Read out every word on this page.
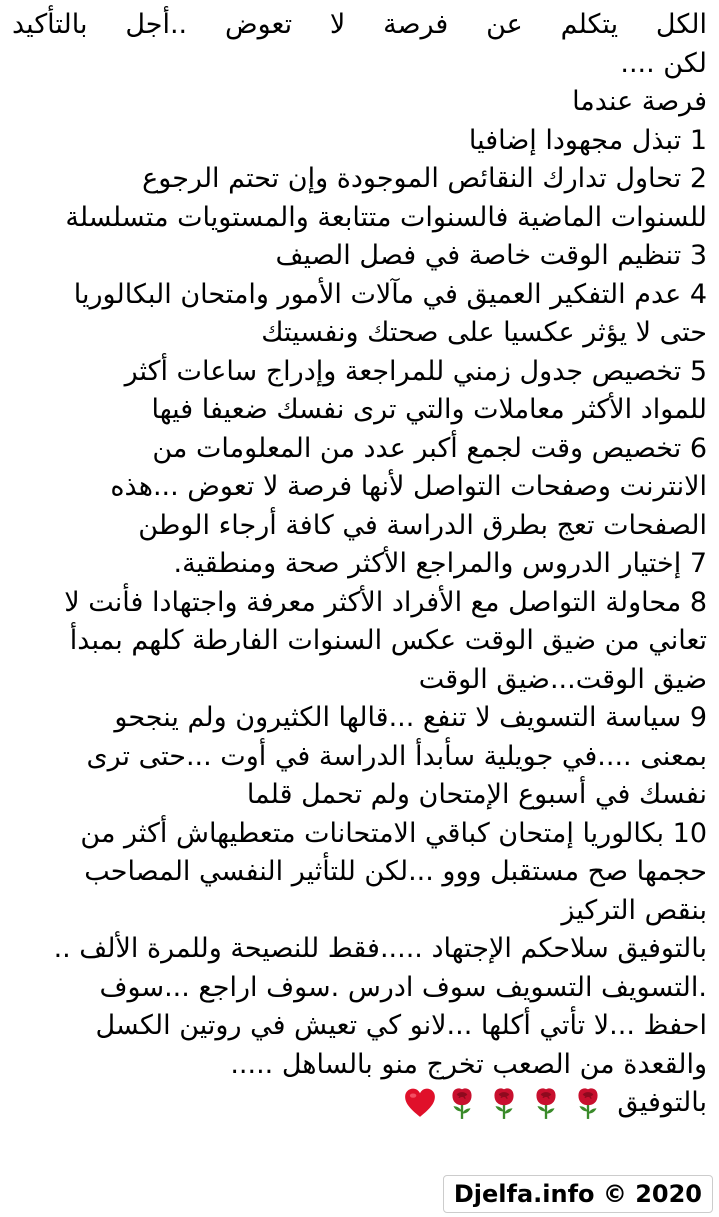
الكل يتكلم عن فرصة لا تعوض ..أجل بالتأكيد
لكن ....
فرصة عندما
1 تبذل مجهودا إضافيا
2 تحاول تدارك النقائص الموجودة وإن تحتم الرجوع
للسنوات الماضية فالسنوات متتابعة والمستويات متسلسلة
3 تنظيم الوقت خاصة في فصل الصيف
4 عدم التفكير العميق في مآلات الأمور وامتحان البكالوريا
حتى لا يؤثر عكسيا على صحتك ونفسيتك
5 تخصيص جدول زمني للمراجعة وإدراج ساعات أكثر
للمواد الأكثر معاملات والتي ترى نفسك ضعيفا فيها
6 تخصيص وقت لجمع أكبر عدد من المعلومات من
الانترنت وصفحات التواصل لأنها فرصة لا تعوض ...هذه
الصفحات تعج بطرق الدراسة في كافة أرجاء الوطن
7 إختيار الدروس والمراجع الأكثر صحة ومنطقية.
8 محاولة التواصل مع الأفراد الأكثر معرفة واجتهادا فأنت لا
تعاني من ضيق الوقت عكس السنوات الفارطة كلهم بمبدأ
ضيق الوقت...ضيق الوقت
9 سياسة التسويف لا تنفع ...قالها الكثيرون ولم ينجحو
بمعنى ....في جويلية سأبدأ الدراسة في أوت ...حتى ترى
نفسك في أسبوع الإمتحان ولم تحمل قلما
10 بكالوريا إمتحان كباقي الامتحانات متعطيهاش أكثر من
حجمها صح مستقبل ووو ...لكن للتأثير النفسي المصاحب
بنقص التركيز
بالتوفيق سلاحكم الإجتهاد .....فقط للنصيحة وللمرة الألف ..
.التسويف التسويف سوف ادرس .سوف اراجع ...سوف
احفظ ...لا تأتي أكلها ...لانو كي تعيش في روتين الكسل
والقعدة من الصعب تخرج منو بالساهل .....
بالتوفيق
Djelfa.info © 2020
